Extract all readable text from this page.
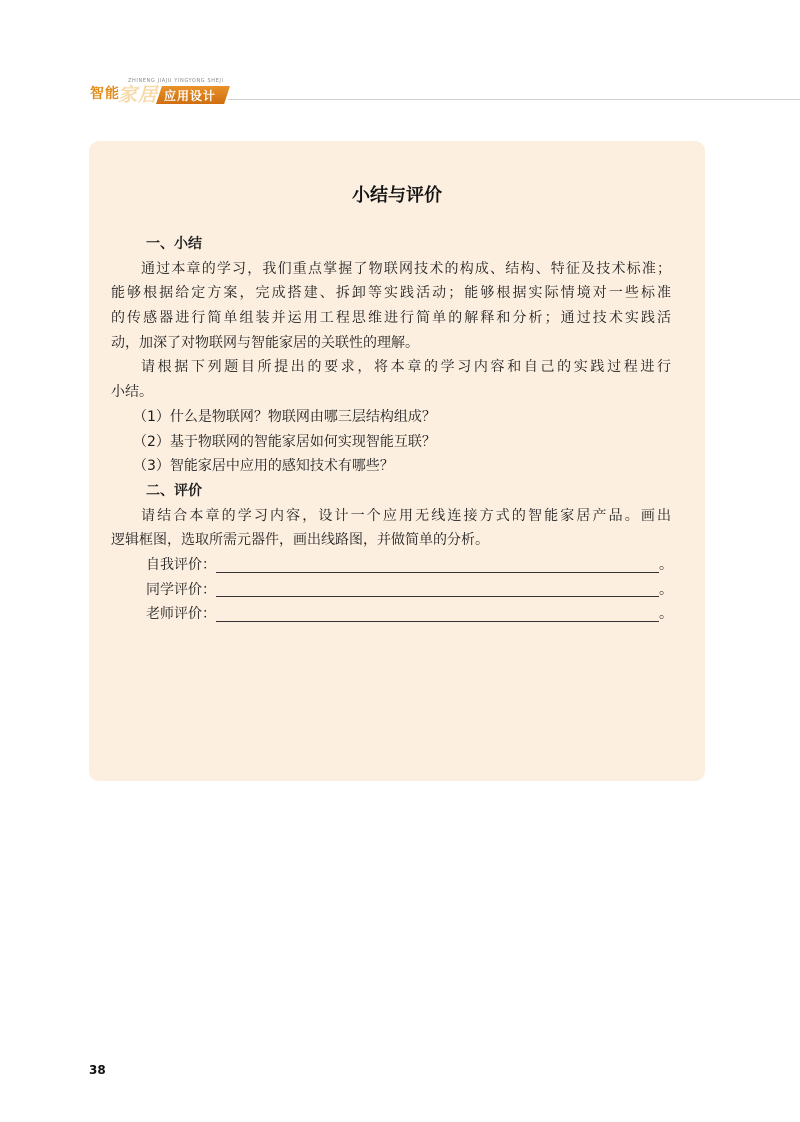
ZHINENG JIAJU YINGYONG SHEJI
智能
家居 应用设计
小结与评价
一、小结
通过本章的学习，我们重点掌握了物联网技术的构成、结构、特征及技术标准；
能够根据给定方案，完成搭建、拆卸等实践活动；能够根据实际情境对一些标准
的传感器进行简单组装并运用工程思维进行简单的解释和分析；通过技术实践活
动，加深了对物联网与智能家居的关联性的理解。
请根据下列题目所提出的要求，将本章的学习内容和自己的实践过程进行
小结。
（1）什么是物联网？物联网由哪三层结构组成？
（2）基于物联网的智能家居如何实现智能互联？
（3）智能家居中应用的感知技术有哪些？
二、评价
请结合本章的学习内容，设计一个应用无线连接方式的智能家居产品。画出
逻辑框图，选取所需元器件，画出线路图，并做简单的分析。
自我评价：	。
同学评价：	。
老师评价：	。
38
